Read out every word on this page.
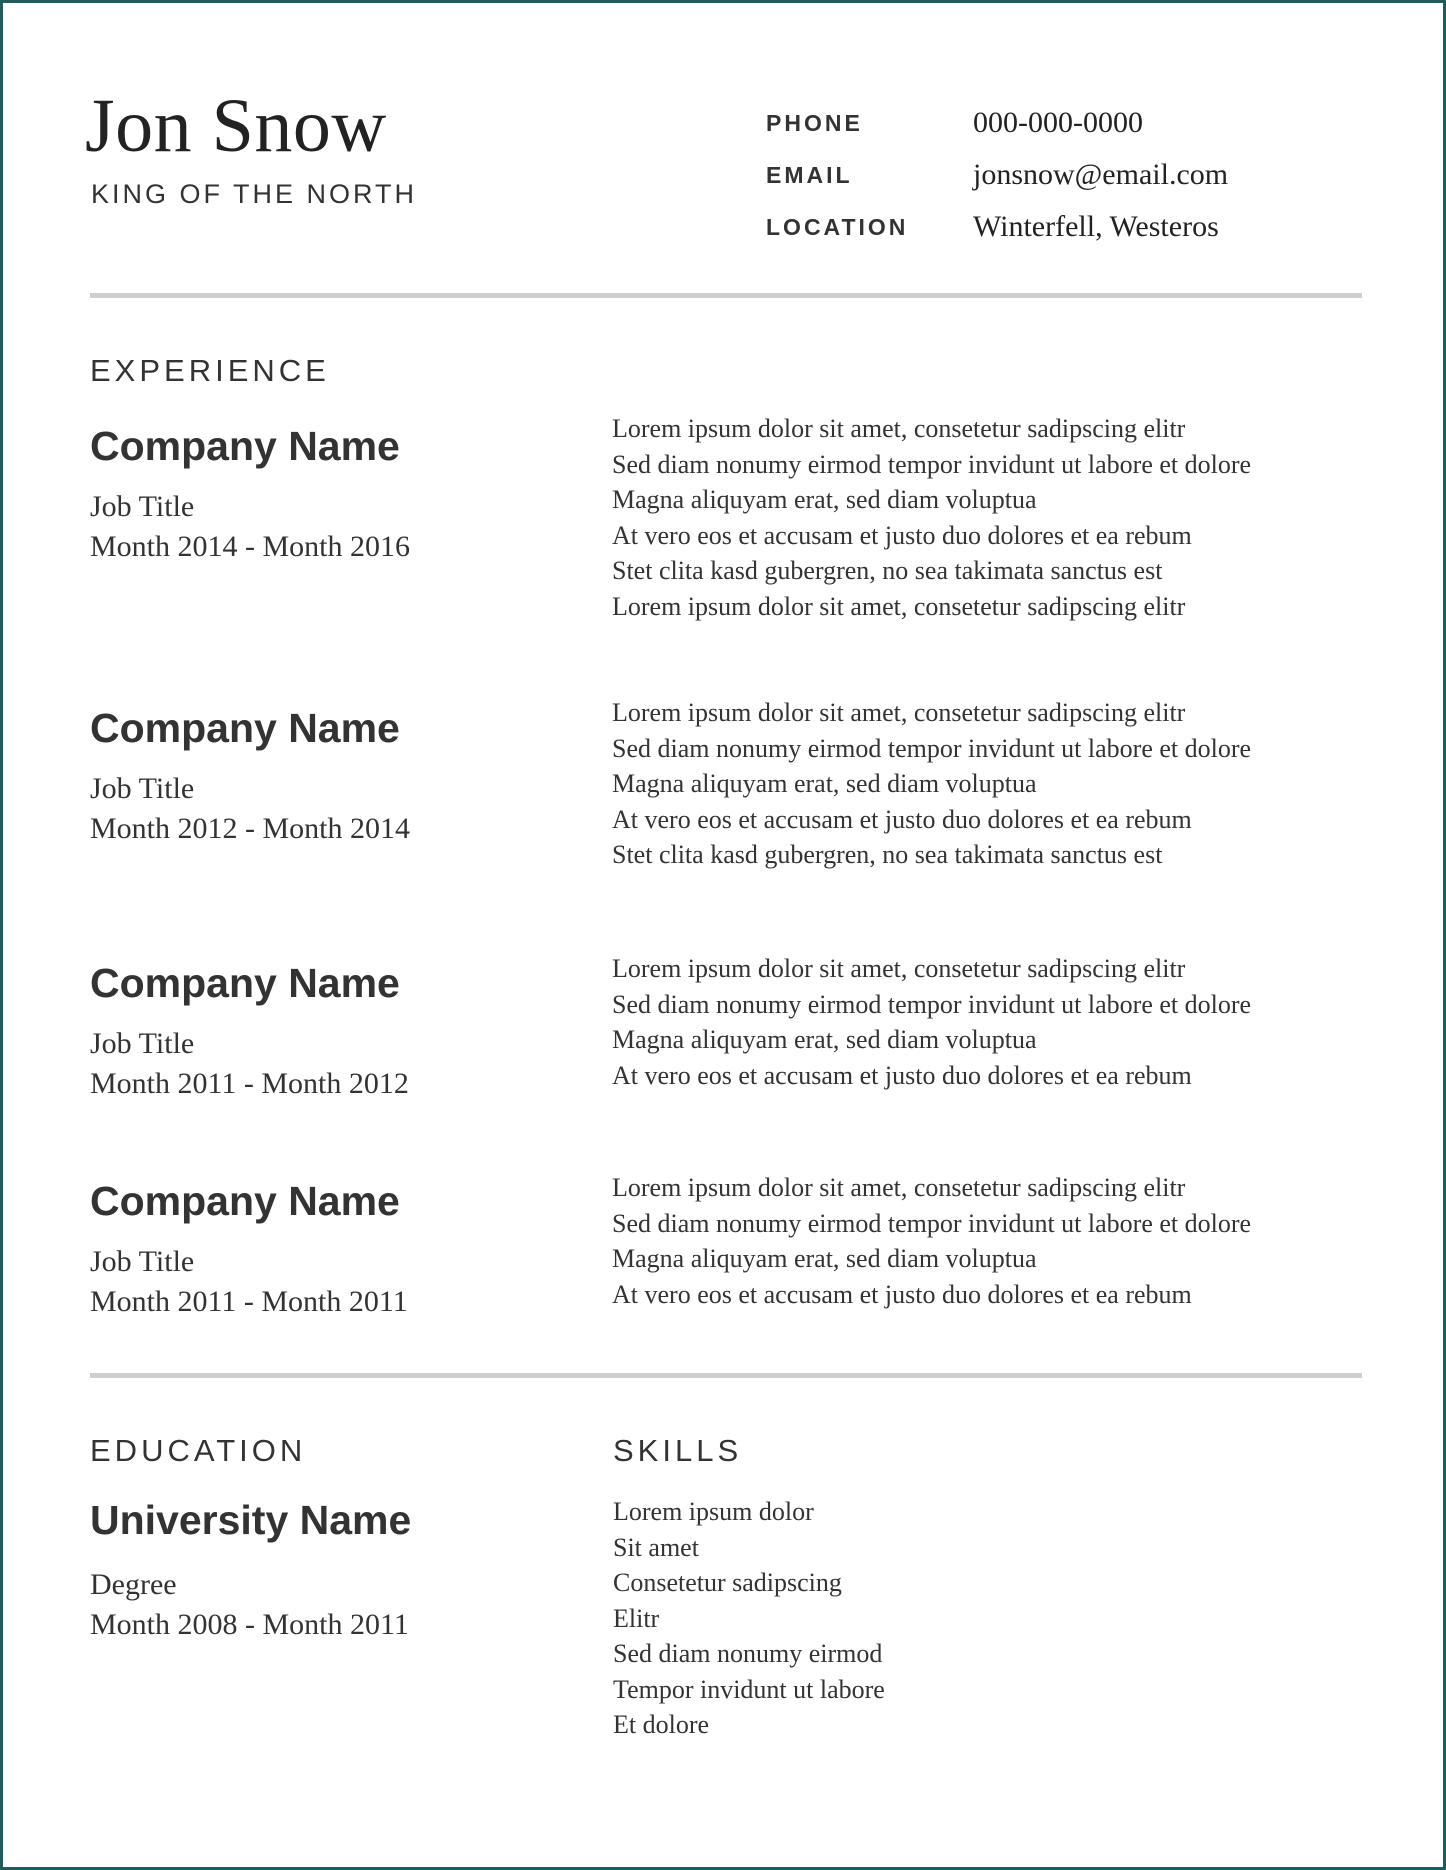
Jon Snow
KING OF THE NORTH
PHONE	000-000-0000
EMAIL	jonsnow@email.com
LOCATION	Winterfell, Westeros
EXPERIENCE
Company Name
Job Title
Month 2014 - Month 2016
Lorem ipsum dolor sit amet, consetetur sadipscing elitr
Sed diam nonumy eirmod tempor invidunt ut labore et dolore
Magna aliquyam erat, sed diam voluptua
At vero eos et accusam et justo duo dolores et ea rebum
Stet clita kasd gubergren, no sea takimata sanctus est
Lorem ipsum dolor sit amet, consetetur sadipscing elitr
Company Name
Job Title
Month 2012 - Month 2014
Lorem ipsum dolor sit amet, consetetur sadipscing elitr
Sed diam nonumy eirmod tempor invidunt ut labore et dolore
Magna aliquyam erat, sed diam voluptua
At vero eos et accusam et justo duo dolores et ea rebum
Stet clita kasd gubergren, no sea takimata sanctus est
Company Name
Job Title
Month 2011 - Month 2012
Lorem ipsum dolor sit amet, consetetur sadipscing elitr
Sed diam nonumy eirmod tempor invidunt ut labore et dolore
Magna aliquyam erat, sed diam voluptua
At vero eos et accusam et justo duo dolores et ea rebum
Company Name
Job Title
Month 2011 - Month 2011
Lorem ipsum dolor sit amet, consetetur sadipscing elitr
Sed diam nonumy eirmod tempor invidunt ut labore et dolore
Magna aliquyam erat, sed diam voluptua
At vero eos et accusam et justo duo dolores et ea rebum
EDUCATION
University Name
Degree
Month 2008 - Month 2011
SKILLS
Lorem ipsum dolor
Sit amet
Consetetur sadipscing
Elitr
Sed diam nonumy eirmod
Tempor invidunt ut labore
Et dolore
